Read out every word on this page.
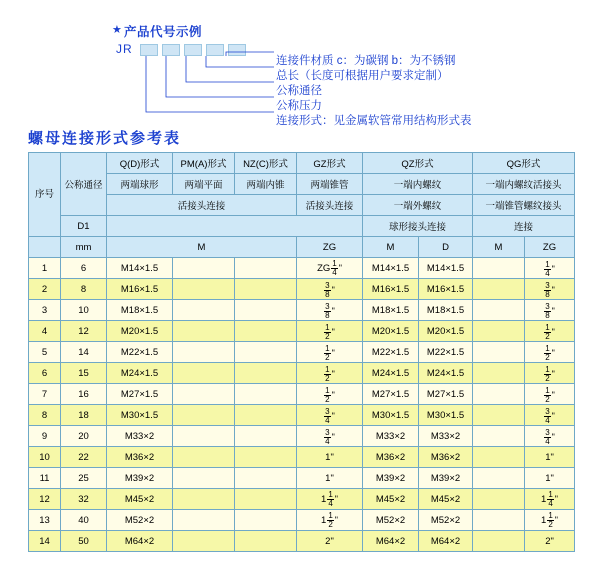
★ 产品代号示例
JR
连接件材质 c：为碳钢 b：为不锈钢
总长（长度可根据用户要求定制）
公称通径
公称压力
连接形式：见金属软管常用结构形式表
螺母连接形式参考表
序号	公称通径	Q(D)形式	PM(A)形式	NZ(C)形式	GZ形式	QZ形式		QG形式	
		两端球形	两端平面	两端内锥	两端锥管	一端内螺纹		一端内螺纹活接头	
		活接头连接			活接头连接	一端外螺纹		一端锥管螺纹接头	
	D1					球形接头连接		连接	
	mm	M			ZG	M	D	M	ZG
1	6	M14×1.5			ZG $\frac{1}{4}$ "	M14×1.5	M14×1.5		$\frac{1}{4}$ "

2	8	M16×1.5			$\frac{3}{8}$ "	M16×1.5	M16×1.5		$\frac{3}{8}$ "

3	10	M18×1.5			$\frac{3}{8}$ "	M18×1.5	M18×1.5		$\frac{3}{8}$ "

4	12	M20×1.5			$\frac{1}{2}$ "	M20×1.5	M20×1.5		$\frac{1}{2}$ "

5	14	M22×1.5			$\frac{1}{2}$ "	M22×1.5	M22×1.5		$\frac{1}{2}$ "

6	15	M24×1.5			$\frac{1}{2}$ "	M24×1.5	M24×1.5		$\frac{1}{2}$ "

7	16	M27×1.5			$\frac{1}{2}$ "	M27×1.5	M27×1.5		$\frac{1}{2}$ "

8	18	M30×1.5			$\frac{3}{4}$ "	M30×1.5	M30×1.5		$\frac{3}{4}$ "

9	20	M33×2			$\frac{3}{4}$ "	M33×2	M33×2		$\frac{3}{4}$ "

10	22	M36×2			1"	M36×2	M36×2		1"
11	25	M39×2			1"	M39×2	M39×2		1"
12	32	M45×2			$1 \frac{1}{4}$ "	M45×2	M45×2		$1 \frac{1}{4}$ "

13	40	M52×2			$1 \frac{1}{2}$ "	M52×2	M52×2		$1 \frac{1}{2}$ "

14	50	M64×2			2"	M64×2	M64×2		2"
